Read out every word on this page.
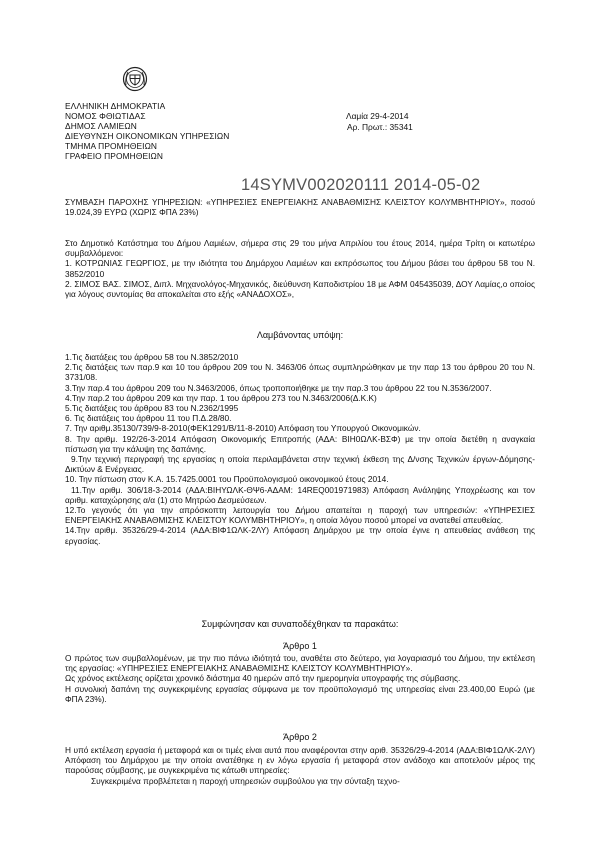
ΕΛΛΗΝΙΚΗ ΔΗΜΟΚΡΑΤΙΑ
ΝΟΜΟΣ ΦΘΙΩΤΙΔΑΣ
ΔΗΜΟΣ ΛΑΜΙΕΩΝ
ΔΙΕΥΘΥΝΣΗ ΟΙΚΟΝΟΜΙΚΩΝ ΥΠΗΡΕΣΙΩΝ
ΤΜΗΜΑ ΠΡΟΜΗΘΕΙΩΝ
ΓΡΑΦΕΙΟ ΠΡΟΜΗΘΕΙΩΝ
Λαμία 29-4-2014
Αρ. Πρωτ.: 35341
14SYMV002020111 2014-05-02

ΣΥΜΒΑΣΗ ΠΑΡΟΧΗΣ ΥΠΗΡΕΣΙΩΝ: «ΥΠΗΡΕΣΙΕΣ ΕΝΕΡΓΕΙΑΚΗΣ ΑΝΑΒΑΘΜΙΣΗΣ ΚΛΕΙΣΤΟΥ ΚΟΛΥΜΒΗΤΗΡΙΟΥ», ποσού 19.024,39 ΕΥΡΩ (ΧΩΡΙΣ ΦΠΑ 23%)

Στο Δημοτικό Κατάστημα του Δήμου Λαμιέων, σήμερα στις 29 του μήνα Απριλίου του έτους 2014, ημέρα Τρίτη οι κατωτέρω συμβαλλόμενοι:

1. ΚΟΤΡΩΝΙΑΣ ΓΕΩΡΓΙΟΣ, με την ιδιότητα του Δημάρχου Λαμιέων και εκπρόσωπος του Δήμου βάσει του άρθρου 58 του Ν. 3852/2010

2. ΣΙΜΟΣ ΒΑΣ. ΣΙΜΟΣ, Διπλ. Μηχανολόγος-Μηχανικός, διεύθυνση Καποδιστρίου 18 με ΑΦΜ 045435039, ΔΟΥ Λαμίας,ο οποίος για λόγους συντομίας θα αποκαλείται στο εξής «ΑΝΑΔΟΧΟΣ»,

Λαμβάνοντας υπόψη:

1.Τις διατάξεις του άρθρου 58 του Ν.3852/2010

2.Τις διατάξεις των παρ.9 και 10 του άρθρου 209 του Ν. 3463/06 όπως συμπληρώθηκαν με την παρ 13 του άρθρου 20 του Ν. 3731/08.

3.Την παρ.4 του άρθρου 209 του Ν.3463/2006, όπως τροποποιήθηκε με την παρ.3 του άρθρου 22 του Ν.3536/2007.

4.Την παρ.2 του άρθρου 209 και την παρ. 1 του άρθρου 273 του Ν.3463/2006(Δ.Κ.Κ)

5.Τις διατάξεις του άρθρου 83 του Ν.2362/1995

6. Τις διατάξεις του άρθρου 11 του Π.Δ.28/80.

7. Την αριθμ.35130/739/9-8-2010(ΦΕΚ1291/Β/11-8-2010) Απόφαση του Υπουργού Οικονομικών.

8. Την αριθμ. 192/26-3-2014 Απόφαση Οικονομικής Επιτροπής (ΑΔΑ: ΒΙΗ0ΩΛΚ-ΒΣΦ) με την οποία διετέθη η αναγκαία πίστωση για την κάλυψη της δαπάνης.

9.Την τεχνική περιγραφή της εργασίας η οποία περιλαμβάνεται στην τεχνική έκθεση της Δ/νσης Τεχνικών έργων-Δόμησης-Δικτύων & Ενέργειας.

10. Την πίστωση στον Κ.Α. 15.7425.0001 του Προϋπολογισμού οικονομικού έτους 2014.

11.Την αριθμ. 306/18-3-2014 (ΑΔΑ:ΒΙΗΥΩΛΚ-ΘΨ6-ΑΔΑΜ: 14REQ001971983) Απόφαση Ανάληψης Υποχρέωσης και τον αριθμ. καταχώρησης α/α (1) στο Μητρώο Δεσμεύσεων.

12.Το γεγονός ότι για την απρόσκοπτη λειτουργία του Δήμου απαιτείται η παροχή των υπηρεσιών: «ΥΠΗΡΕΣΙΕΣ ΕΝΕΡΓΕΙΑΚΗΣ ΑΝΑΒΑΘΜΙΣΗΣ ΚΛΕΙΣΤΟΥ ΚΟΛΥΜΒΗΤΗΡΙΟΥ», η οποία λόγου ποσού μπορεί να ανατεθεί απευθείας.

14.Την αριθμ. 35326/29-4-2014 (ΑΔΑ:ΒΙΦ1ΩΛΚ-2ΛΥ) Απόφαση Δημάρχου με την οποία έγινε η απευθείας ανάθεση της εργασίας.

Συμφώνησαν και συναποδέχθηκαν τα παρακάτω:
Άρθρο 1

Ο πρώτος των συμβαλλομένων, με την πιο πάνω ιδιότητά του, αναθέτει στο δεύτερο, για λογαριασμό του Δήμου, την εκτέλεση της εργασίας: «ΥΠΗΡΕΣΙΕΣ ΕΝΕΡΓΕΙΑΚΗΣ ΑΝΑΒΑΘΜΙΣΗΣ ΚΛΕΙΣΤΟΥ ΚΟΛΥΜΒΗΤΗΡΙΟΥ».

Ως χρόνος εκτέλεσης ορίζεται χρονικό διάστημα 40 ημερών από την ημερομηνία υπογραφής της σύμβασης.

Η συνολική δαπάνη της συγκεκριμένης εργασίας σύμφωνα με τον προϋπολογισμό της υπηρεσίας είναι 23.400,00 Ευρώ (με ΦΠΑ 23%).

Άρθρο 2

Η υπό εκτέλεση εργασία ή μεταφορά και οι τιμές είναι αυτά που αναφέρονται στην αριθ. 35326/29-4-2014 (ΑΔΑ:ΒΙΦ1ΩΛΚ-2ΛΥ) Απόφαση του Δημάρχου με την οποία ανατέθηκε η εν λόγω εργασία ή μεταφορά στον ανάδοχο και αποτελούν μέρος της παρούσας σύμβασης, με συγκεκριμένα τις κάτωθι υπηρεσίες:

Συγκεκριμένα προβλέπεται η παροχή υπηρεσιών συμβούλου για την σύνταξη τεχνο-
